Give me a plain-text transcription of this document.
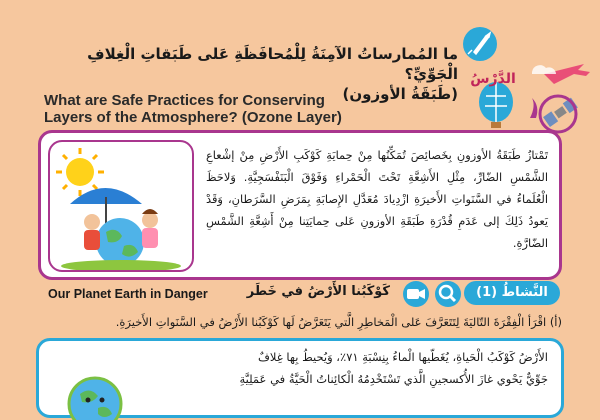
ما المُمارساتُ الآمِنَةُ لِلْمُحافَظَةِ عَلى طَبَقاتِ الْغِلافِ الْجَوِّيِّ؟
(طَبَقَةُ الأوزون)
What are Safe Practices for Conserving
Layers of the Atmosphere? (Ozone Layer)
الدَّرْسُ
تَمْتازُ طَبَقَةُ الأوزونِ بِخَصائِصَ تُمَكِّنُها مِنْ حِمايَةِ كَوْكَبِ الأَرْضِ مِنْ إشْعاعِ الشَّمْسِ الضّارِّ، مِثْلِ الأَشِعَّةِ تَحْتَ الْحَمْراءِ وَفَوْقَ الْبَنَفْسَجِيَّةِ. وَلاحَظَ الْعُلَماءُ في السَّنَواتِ الأَخيرَةِ ازْدِيادَ مُعَدَّلِ الإِصابَةِ بِمَرَضِ السَّرَطانِ، وَقَدْ يَعودُ ذَلِكَ إلى عَدَمِ قُدْرَةِ طَبَقَةِ الأوزونِ عَلى حِمايَتِنا مِنْ أَشِعَّةِ الشَّمْسِ الضّارَّةِ.
Our Planet Earth in Danger	كَوْكَبُنا الأَرْضُ في خَطَر	النَّشاطُ (1)
(أ) اقْرَأ الْفِقْرَةَ التّاليَةَ لِتَتَعَرَّفَ عَلى الْمَخاطِرِ الَّتي يَتَعَرَّضُ لَها كَوْكَبُنا الأَرْضُ في السَّنَواتِ الأَخيرَةِ.
الأَرْضُ كَوْكَبُ الْحَياةِ، يُغَطّيها الْماءُ بِنِسْبَةِ ٧١٪، وَيُحيطُ بِها غِلافٌ
جَوِّيٌّ يَحْوي غازَ الأُكسجينِ الَّذي تَسْتَخْدِمُهُ الْكائِناتُ الْحَيَّةُ في عَمَلِيَّةِ
